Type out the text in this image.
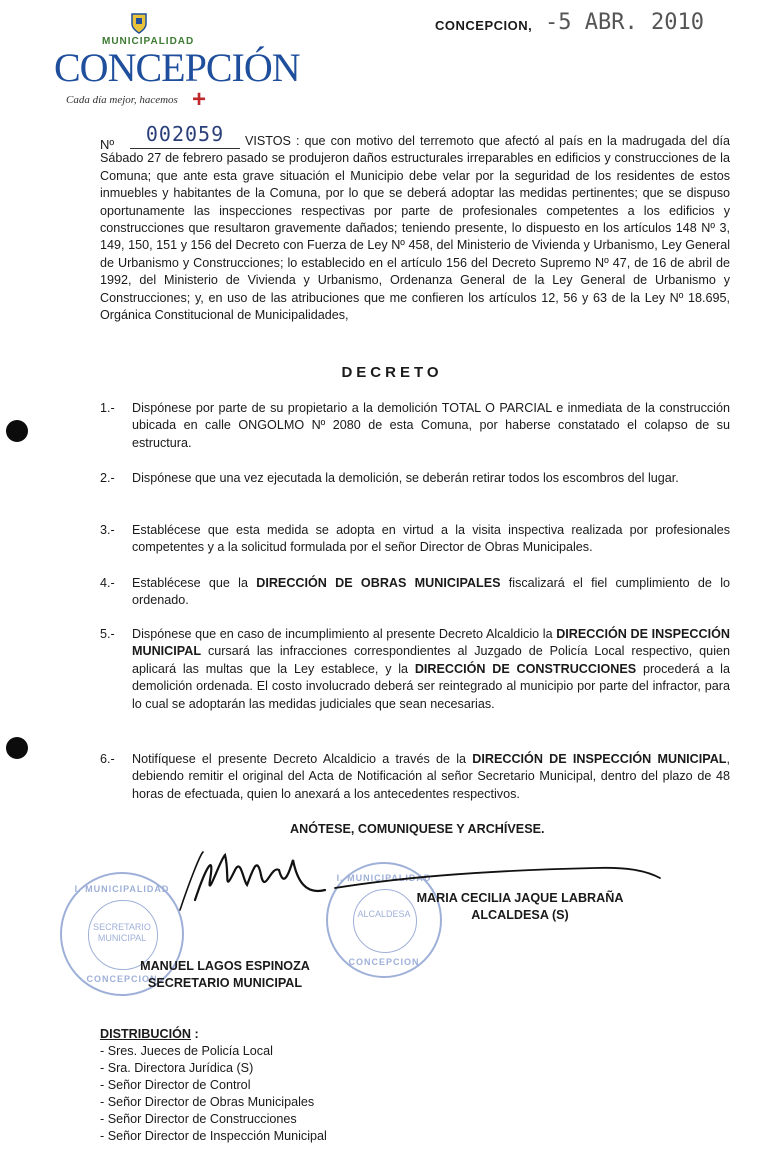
MUNICIPALIDAD
CONCEPCIÓN
Cada día mejor, hacemos +
CONCEPCION, -5 ABR. 2010
Nº	002059	VISTOS : que con motivo del terremoto que afectó al país en la madrugada del día Sábado 27 de febrero pasado se produjeron daños estructurales irreparables en edificios y construcciones de la Comuna; que ante esta grave situación el Municipio debe velar por la seguridad de los residentes de estos inmuebles y habitantes de la Comuna, por lo que se deberá adoptar las medidas pertinentes; que se dispuso oportunamente las inspecciones respectivas por parte de profesionales competentes a los edificios y construcciones que resultaron gravemente dañados; teniendo presente, lo dispuesto en los artículos 148 Nº 3, 149, 150, 151 y 156 del Decreto con Fuerza de Ley Nº 458, del Ministerio de Vivienda y Urbanismo, Ley General de Urbanismo y Construcciones; lo establecido en el artículo 156 del Decreto Supremo Nº 47, de 16 de abril de 1992, del Ministerio de Vivienda y Urbanismo, Ordenanza General de la Ley General de Urbanismo y Construcciones; y, en uso de las atribuciones que me confieren los artículos 12, 56 y 63 de la Ley Nº 18.695, Orgánica Constitucional de Municipalidades,
DECRETO
1.-	Dispónese por parte de su propietario a la demolición TOTAL O PARCIAL e inmediata de la construcción ubicada en calle ONGOLMO Nº 2080 de esta Comuna, por haberse constatado el colapso de su estructura.
2.-	Dispónese que una vez ejecutada la demolición, se deberán retirar todos los escombros del lugar.
3.-	Establécese que esta medida se adopta en virtud a la visita inspectiva realizada por profesionales competentes y a la solicitud formulada por el señor Director de Obras Municipales.
4.-	Establécese que la DIRECCIÓN DE OBRAS MUNICIPALES fiscalizará el fiel cumplimiento de lo ordenado.
5.-	Dispónese que en caso de incumplimiento al presente Decreto Alcaldicio la DIRECCIÓN DE INSPECCIÓN MUNICIPAL cursará las infracciones correspondientes al Juzgado de Policía Local respectivo, quien aplicará las multas que la Ley establece, y la DIRECCIÓN DE CONSTRUCCIONES procederá a la demolición ordenada. El costo involucrado deberá ser reintegrado al municipio por parte del infractor, para lo cual se adoptarán las medidas judiciales que sean necesarias.
6.-	Notifíquese el presente Decreto Alcaldicio a través de la DIRECCIÓN DE INSPECCIÓN MUNICIPAL, debiendo remitir el original del Acta de Notificación al señor Secretario Municipal, dentro del plazo de 48 horas de efectuada, quien lo anexará a los antecedentes respectivos.
ANÓTESE, COMUNIQUESE Y ARCHÍVESE.
I. MUNICIPALIDAD
SECRETARIO
MUNICIPAL
CONCEPCION
I. MUNICIPALIDAD
ALCALDESA
CONCEPCION
MARIA CECILIA JAQUE LABRAÑA
ALCALDESA (S)
MANUEL LAGOS ESPINOZA
SECRETARIO MUNICIPAL
DISTRIBUCIÓN :
- Sres. Jueces de Policía Local
- Sra. Directora Jurídica (S)
- Señor Director de Control
- Señor Director de Obras Municipales
- Señor Director de Construcciones
- Señor Director de Inspección Municipal
